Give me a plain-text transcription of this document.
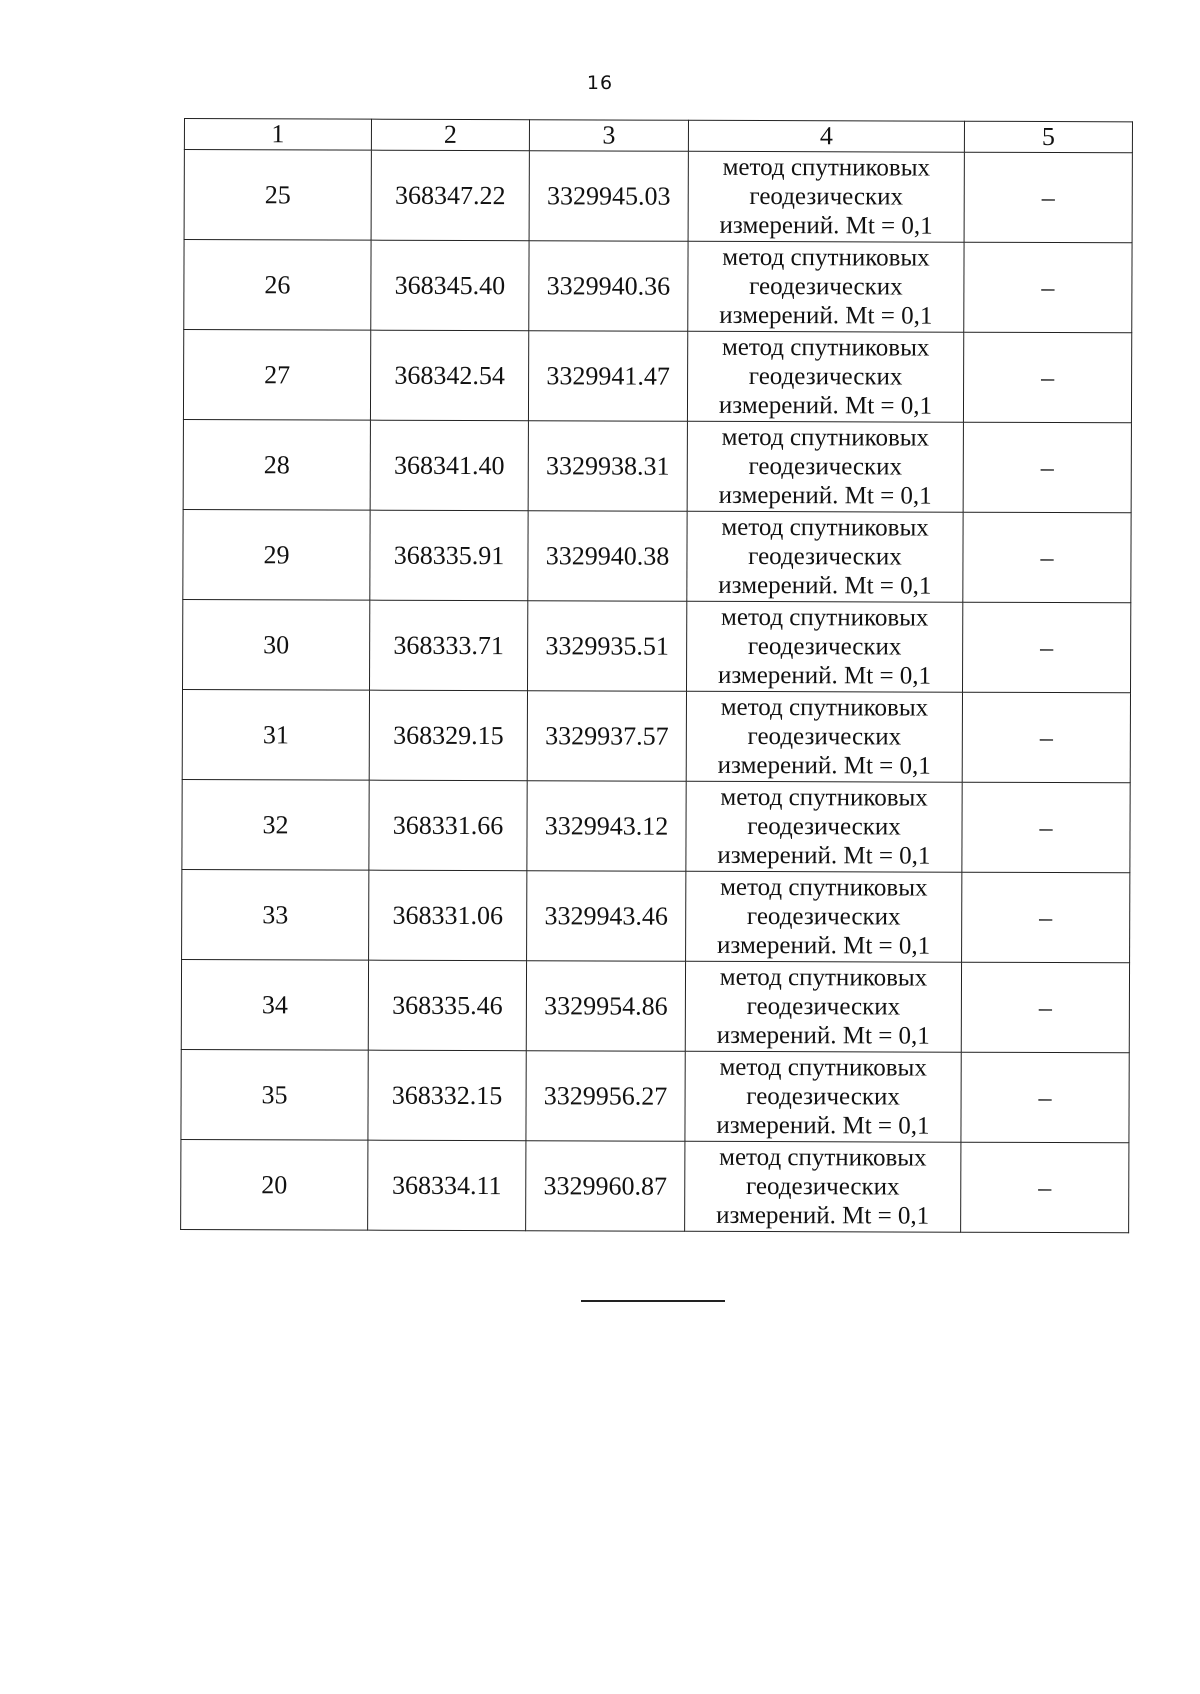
16
1	2	3	4	5
25	368347.22	3329945.03	метод спутниковых
геодезических
измерений. Mt = 0,1	–
26	368345.40	3329940.36	метод спутниковых
геодезических
измерений. Mt = 0,1	–
27	368342.54	3329941.47	метод спутниковых
геодезических
измерений. Mt = 0,1	–
28	368341.40	3329938.31	метод спутниковых
геодезических
измерений. Mt = 0,1	–
29	368335.91	3329940.38	метод спутниковых
геодезических
измерений. Mt = 0,1	–
30	368333.71	3329935.51	метод спутниковых
геодезических
измерений. Mt = 0,1	–
31	368329.15	3329937.57	метод спутниковых
геодезических
измерений. Mt = 0,1	–
32	368331.66	3329943.12	метод спутниковых
геодезических
измерений. Mt = 0,1	–
33	368331.06	3329943.46	метод спутниковых
геодезических
измерений. Mt = 0,1	–
34	368335.46	3329954.86	метод спутниковых
геодезических
измерений. Mt = 0,1	–
35	368332.15	3329956.27	метод спутниковых
геодезических
измерений. Mt = 0,1	–
20	368334.11	3329960.87	метод спутниковых
геодезических
измерений. Mt = 0,1	–
